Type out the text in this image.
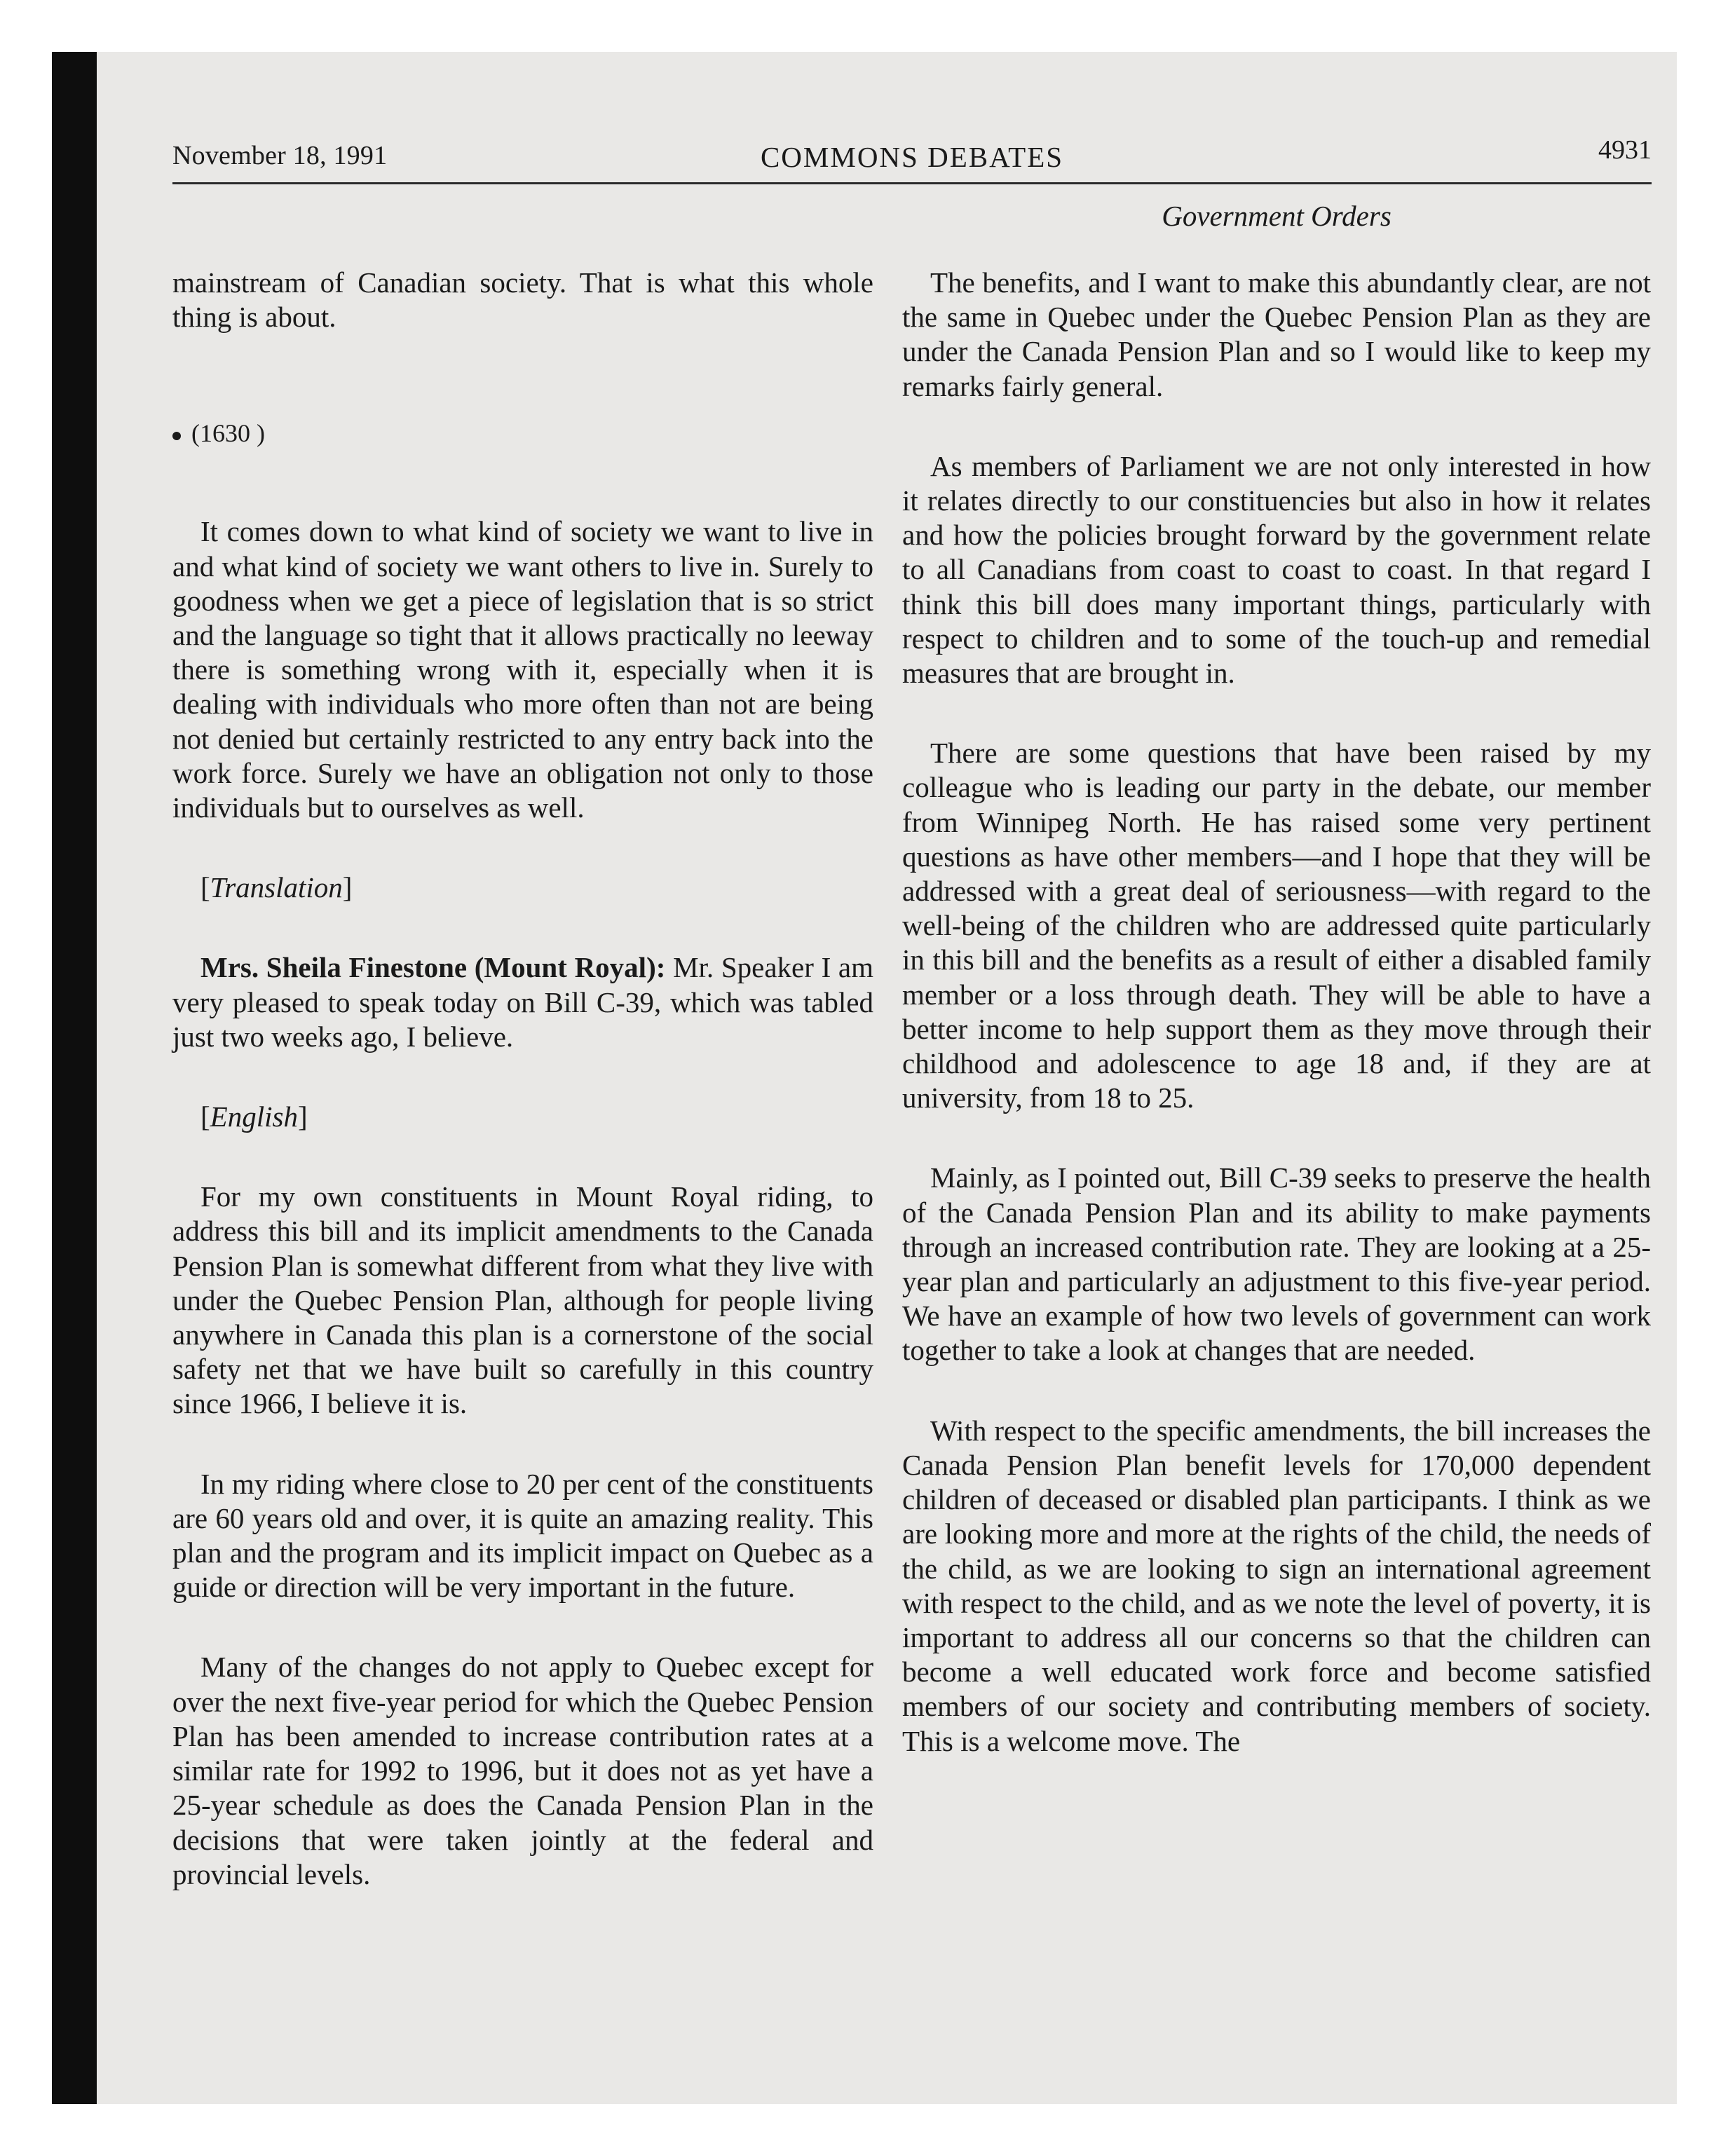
November 18, 1991	COMMONS DEBATES	4931
Government Orders

mainstream of Canadian society. That is what this whole thing is about.

(1630 )

It comes down to what kind of society we want to live in and what kind of society we want others to live in. Surely to goodness when we get a piece of legislation that is so strict and the language so tight that it allows practically no leeway there is something wrong with it, especially when it is dealing with individuals who more often than not are being not denied but certainly restricted to any entry back into the work force. Surely we have an obligation not only to those individuals but to ourselves as well.

[Translation]

Mrs. Sheila Finestone (Mount Royal): Mr. Speaker I am very pleased to speak today on Bill C-39, which was tabled just two weeks ago, I believe.

[English]

For my own constituents in Mount Royal riding, to address this bill and its implicit amendments to the Canada Pension Plan is somewhat different from what they live with under the Quebec Pension Plan, although for people living anywhere in Canada this plan is a cornerstone of the social safety net that we have built so carefully in this country since 1966, I believe it is.

In my riding where close to 20 per cent of the constituents are 60 years old and over, it is quite an amazing reality. This plan and the program and its implicit impact on Quebec as a guide or direction will be very important in the future.

Many of the changes do not apply to Quebec except for over the next five-year period for which the Quebec Pension Plan has been amended to increase contribution rates at a similar rate for 1992 to 1996, but it does not as yet have a 25-year schedule as does the Canada Pension Plan in the decisions that were taken jointly at the federal and provincial levels.

The benefits, and I want to make this abundantly clear, are not the same in Quebec under the Quebec Pension Plan as they are under the Canada Pension Plan and so I would like to keep my remarks fairly general.

As members of Parliament we are not only interested in how it relates directly to our constituencies but also in how it relates and how the policies brought forward by the government relate to all Canadians from coast to coast to coast. In that regard I think this bill does many important things, particularly with respect to children and to some of the touch-up and remedial measures that are brought in.

There are some questions that have been raised by my colleague who is leading our party in the debate, our member from Winnipeg North. He has raised some very pertinent questions as have other members—and I hope that they will be addressed with a great deal of seriousness—with regard to the well-being of the children who are addressed quite particularly in this bill and the benefits as a result of either a disabled family member or a loss through death. They will be able to have a better income to help support them as they move through their childhood and adolescence to age 18 and, if they are at university, from 18 to 25.

Mainly, as I pointed out, Bill C-39 seeks to preserve the health of the Canada Pension Plan and its ability to make payments through an increased contribution rate. They are looking at a 25-year plan and particularly an adjustment to this five-year period. We have an example of how two levels of government can work together to take a look at changes that are needed.

With respect to the specific amendments, the bill increases the Canada Pension Plan benefit levels for 170,000 dependent children of deceased or disabled plan participants. I think as we are looking more and more at the rights of the child, the needs of the child, as we are looking to sign an international agreement with respect to the child, and as we note the level of poverty, it is important to address all our concerns so that the children can become a well educated work force and become satisfied members of our society and contributing members of society. This is a welcome move. The
